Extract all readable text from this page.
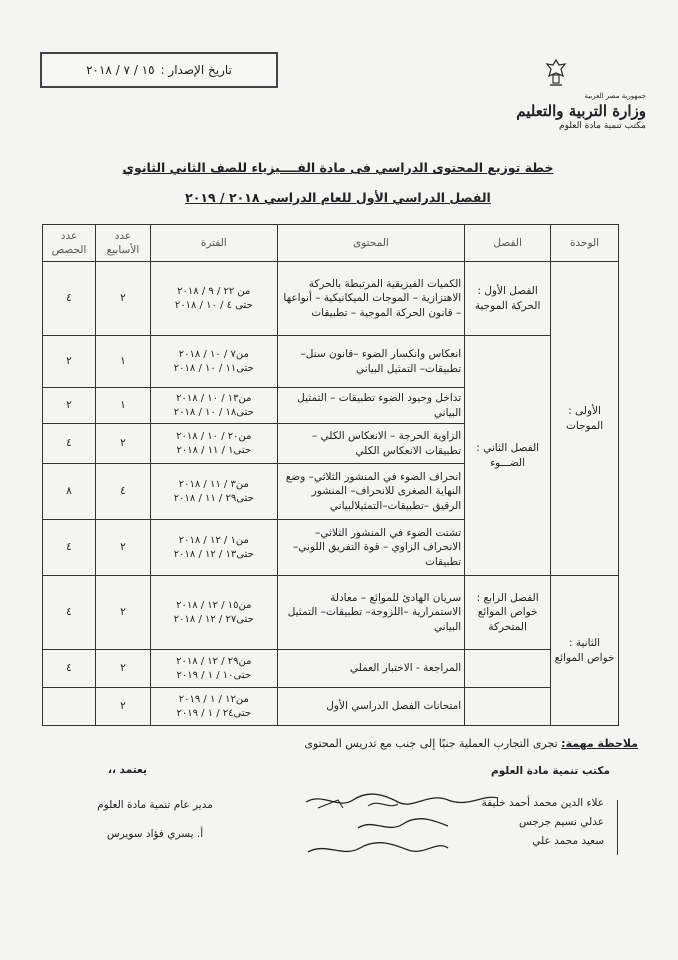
تاريخ الإصدار :
١٥ / ٧ / ٢٠١٨
جمهورية مصر العربية
وزارة التربية والتعليم
مكتب تنمية مادة العلوم
خطة توزيع المحتوى الدراسي فى مادة الفــــيزياء للصف الثاني الثانوي
الفصل الدراسي الأول للعام الدراسي ٢٠١٨ / ٢٠١٩
الوحدة	الفصل	المحتوى	الفترة	عدد الأسابيع	عدد الحصص
الأولى : الموجات	الفصل الأول : الحركة الموجية	الكميات الفيزيقية المرتبطة بالحركة الاهتزازية – الموجات الميكانيكية – أنواعها – قانون الحركة الموجية – تطبيقات	من ٢٢ / ٩ / ٢٠١٨
حتى ٤ / ١٠ / ٢٠١٨	٢	٤
	الفصل الثاني : الضـــوء	انعكاس وانكسار الضوء –قانون سنل– تطبيقات– التمثيل البياني	من٧ / ١٠ / ٢٠١٨
حتى١١ / ١٠ / ٢٠١٨	١	٢
		تداخل وحيود الضوء تطبيقات – التمثيل البياني	من١٣ / ١٠ / ٢٠١٨
حتى١٨ / ١٠ / ٢٠١٨	١	٢
		الزاوية الحرجة – الانعكاس الكلي – تطبيقات الانعكاس الكلي	من٢٠ / ١٠ / ٢٠١٨
حتى١ / ١١ / ٢٠١٨	٢	٤
		انحراف الضوء في المنشور الثلاثي– وضع النهاية الصغرى للانحراف– المنشور الرقيق –تطبيقات–التمثيلالبياني	من٣ / ١١ / ٢٠١٨
حتى٢٩ / ١١ / ٢٠١٨	٤	٨
		تشتت الضوء في المنشور الثلاثي– الانحراف الزاوي – قوة التفريق اللوني– تطبيقات	من١ / ١٢ / ٢٠١٨
حتى١٣ / ١٢ / ٢٠١٨	٢	٤
الثانية : خواص الموائع	الفصل الرابع : خواص الموائع المتحركة	سريان الهادئ للموائع – معادلة الاستمرارية –اللزوجة– تطبيقات– التمثيل البياني	من١٥ / ١٢ / ٢٠١٨
حتى٢٧ / ١٢ / ٢٠١٨	٢	٤
		المراجعة - الاختبار العملي	من٢٩ / ١٢ / ٢٠١٨
حتى١٠ / ١ / ٢٠١٩	٢	٤
		امتحانات الفصل الدراسي الأول	من١٢ / ١ / ٢٠١٩
حتى٢٤ / ١ / ٢٠١٩	٢	
ملاحظة مهمة: تجرى التجارب العملية جنبًا إلى جنب مع تدريس المحتوى
مكتب تنمية مادة العلوم
يعتمد ،،
علاء الدين محمد أحمد خليفة
عدلي نسيم جرجس
سعيد محمد علي
مدير عام تنمية مادة العلوم
أ. يسري فؤاد سويرس
